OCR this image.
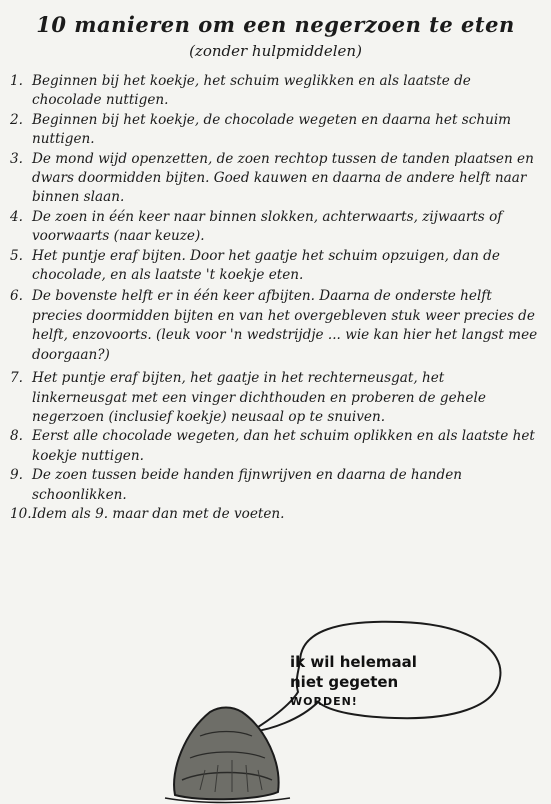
10 manieren om een negerzoen te eten
(zonder hulpmiddelen)
1. Beginnen bij het koekje, het schuim weglikken en als laatste de chocolade nuttigen.
2. Beginnen bij het koekje, de chocolade wegeten en daarna het schuim nuttigen.
3. De mond wijd openzetten, de zoen rechtop tussen de tanden plaatsen en dwars doormidden bijten. Goed kauwen en daarna de andere helft naar binnen slaan.
4. De zoen in één keer naar binnen slokken, achterwaarts, zijwaarts of voorwaarts (naar keuze).
5. Het puntje eraf bijten. Door het gaatje het schuim opzuigen, dan de chocolade, en als laatste 't koekje eten.
6. De bovenste helft er in één keer afbijten. Daarna de onderste helft precies doormidden bijten en van het overgebleven stuk weer precies de helft, enzovoorts. (leuk voor 'n wedstrijdje ... wie kan hier het langst mee doorgaan?)
7. Het puntje eraf bijten, het gaatje in het rechterneusgat, het linkerneusgat met een vinger dichthouden en proberen de gehele negerzoen (inclusief koekje) neusaal op te snuiven.
8. Eerst alle chocolade wegeten, dan het schuim oplikken en als laatste het koekje nuttigen.
9. De zoen tussen beide handen fijnwrijven en daarna de handen schoonlikken.
10. Idem als 9. maar dan met de voeten.
ik wil helemaal
niet gegeten
WORDEN!
